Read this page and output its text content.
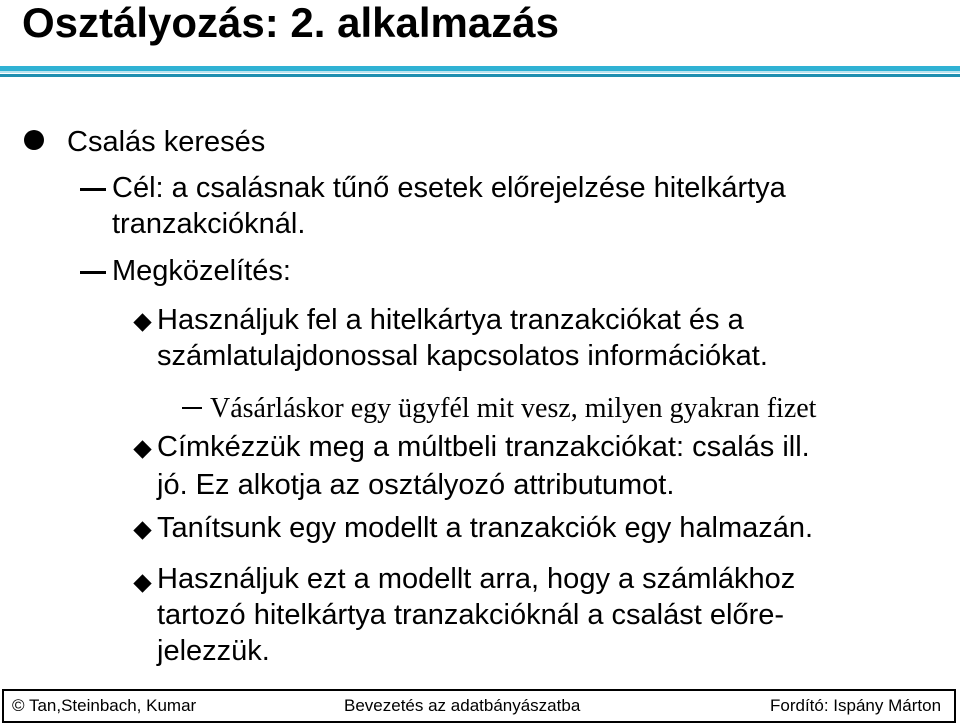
Osztályozás: 2. alkalmazás
Csalás keresés
Cél: a csalásnak tűnő esetek előrejelzése hitelkártya
tranzakcióknál.
Megközelítés:
Használjuk fel a hitelkártya tranzakciókat és a
számlatulajdonossal kapcsolatos információkat.
Vásárláskor egy ügyfél mit vesz, milyen gyakran fizet
Címkézzük meg a múltbeli tranzakciókat: csalás ill.
jó. Ez alkotja az osztályozó attributumot.
Tanítsunk egy modellt a tranzakciók egy halmazán.
Használjuk ezt a modellt arra, hogy a számlákhoz
tartozó hitelkártya tranzakcióknál a csalást előre-
jelezzük.
© Tan,Steinbach, Kumar	Bevezetés az adatbányászatba	Fordító: Ispány Márton
